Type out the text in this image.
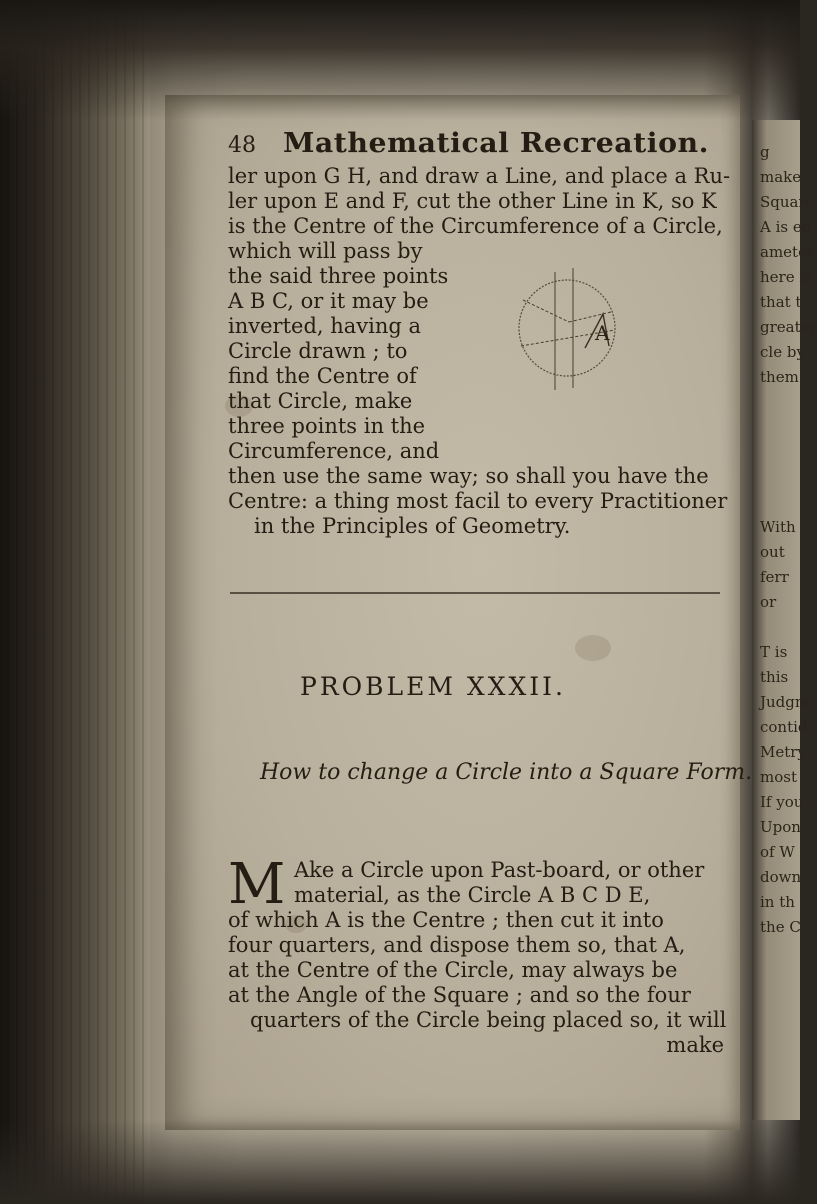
g
make
Square
A is eq
ameter
here is
that t
greater
cle by
them
With
out
ferr
or
T is
this
Judgm
contid
Metry
most
If you
Upon
of W
down
in th
the C
48 Mathematical Recreation.
ler upon G H, and draw a Line, and place a Ru-
ler upon E and F, cut the other Line in K, so K
is the Centre of the Circumference of a Circle,
which will pass by
the said three points
A B C, or it may be
inverted, having a
Circle drawn ; to
find the Centre of
that Circle, make
three points in the
Circumference, and
then use the same way; so shall you have the
Centre: a thing most facil to every Practitioner
in the Principles of Geometry.
A
PROBLEM XXXII.
How to change a Circle into a Square Form.
M Ake a Circle upon Past-board, or other
material, as the Circle A B C D E,
of which A is the Centre ; then cut it into
four quarters, and dispose them so, that A,
at the Centre of the Circle, may always be
at the Angle of the Square ; and so the four
quarters of the Circle being placed so, it will
make
